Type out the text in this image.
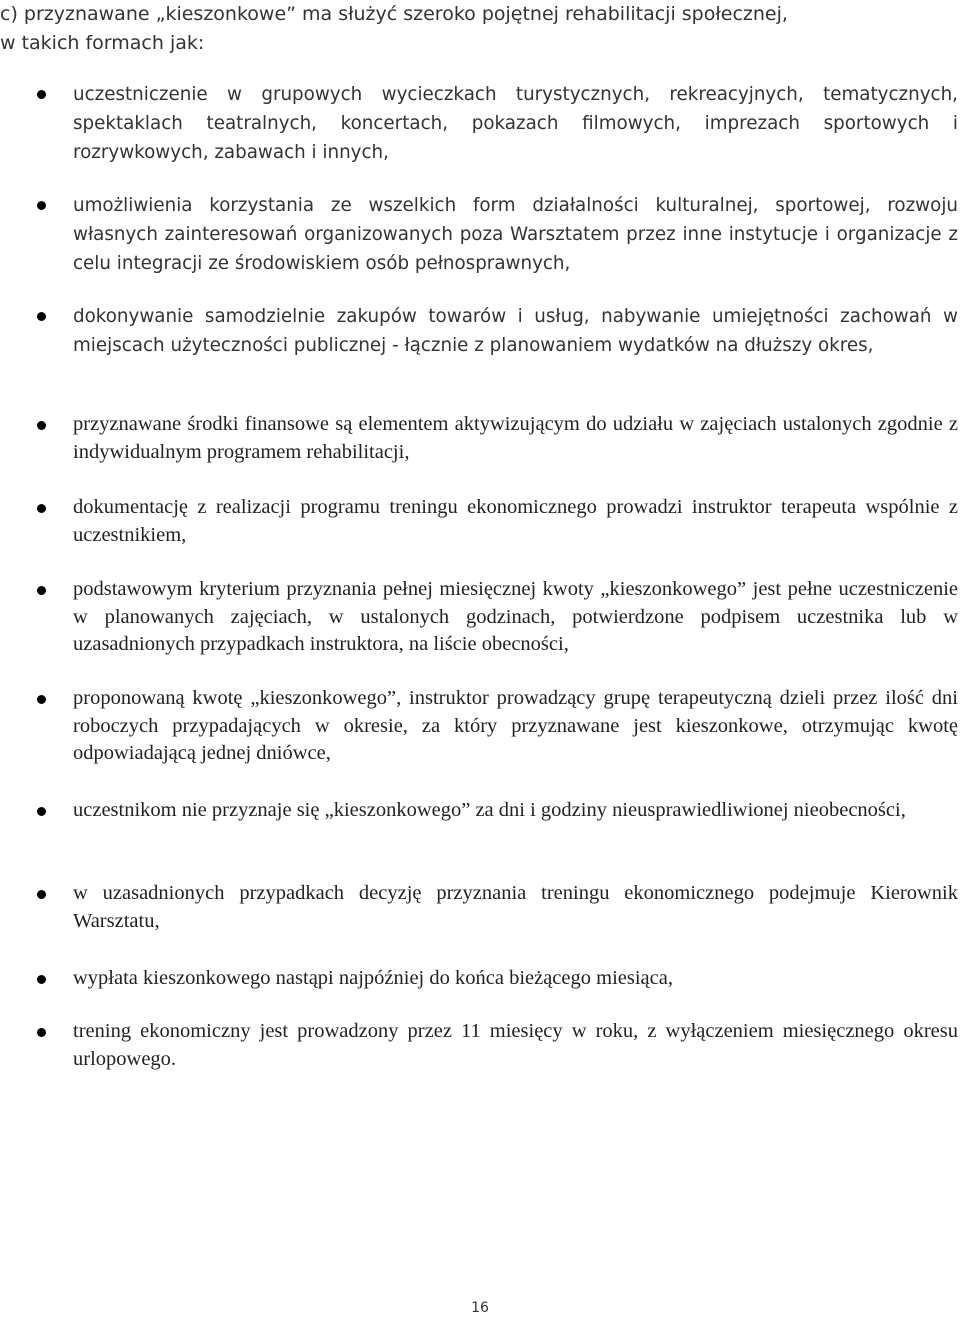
c) przyznawane „kieszonkowe” ma służyć szeroko pojętnej rehabilitacji społecznej,
w takich formach jak:
uczestniczenie w grupowych wycieczkach turystycznych, rekreacyjnych, tematycznych, spektaklach teatralnych, koncertach, pokazach filmowych, imprezach sportowych i rozrywkowych, zabawach i innych,
umożliwienia korzystania ze wszelkich form działalności kulturalnej, sportowej, rozwoju własnych zainteresowań organizowanych poza Warsztatem przez inne instytucje i organizacje z celu integracji ze środowiskiem osób pełnosprawnych,
dokonywanie samodzielnie zakupów towarów i usług, nabywanie umiejętności zachowań w miejscach użyteczności publicznej - łącznie z planowaniem wydatków na dłuższy okres,
przyznawane środki finansowe są elementem aktywizującym do udziału w zajęciach ustalonych zgodnie z indywidualnym programem rehabilitacji,
dokumentację z realizacji programu treningu ekonomicznego prowadzi instruktor terapeuta wspólnie z uczestnikiem,
podstawowym kryterium przyznania pełnej miesięcznej kwoty „kieszonkowego” jest pełne uczestniczenie w planowanych zajęciach, w ustalonych godzinach, potwierdzone podpisem uczestnika lub w uzasadnionych przypadkach instruktora, na liście obecności,
proponowaną kwotę „kieszonkowego”, instruktor prowadzący grupę terapeutyczną dzieli przez ilość dni roboczych przypadających w okresie, za który przyznawane jest kieszonkowe, otrzymując kwotę odpowiadającą jednej dniówce,
uczestnikom nie przyznaje się „kieszonkowego” za dni i godziny nieusprawiedliwionej nieobecności,
w uzasadnionych przypadkach decyzję przyznania treningu ekonomicznego podejmuje Kierownik Warsztatu,
wypłata kieszonkowego nastąpi najpóźniej do końca bieżącego miesiąca,
trening ekonomiczny jest prowadzony przez 11 miesięcy w roku, z wyłączeniem miesięcznego okresu urlopowego.
16
